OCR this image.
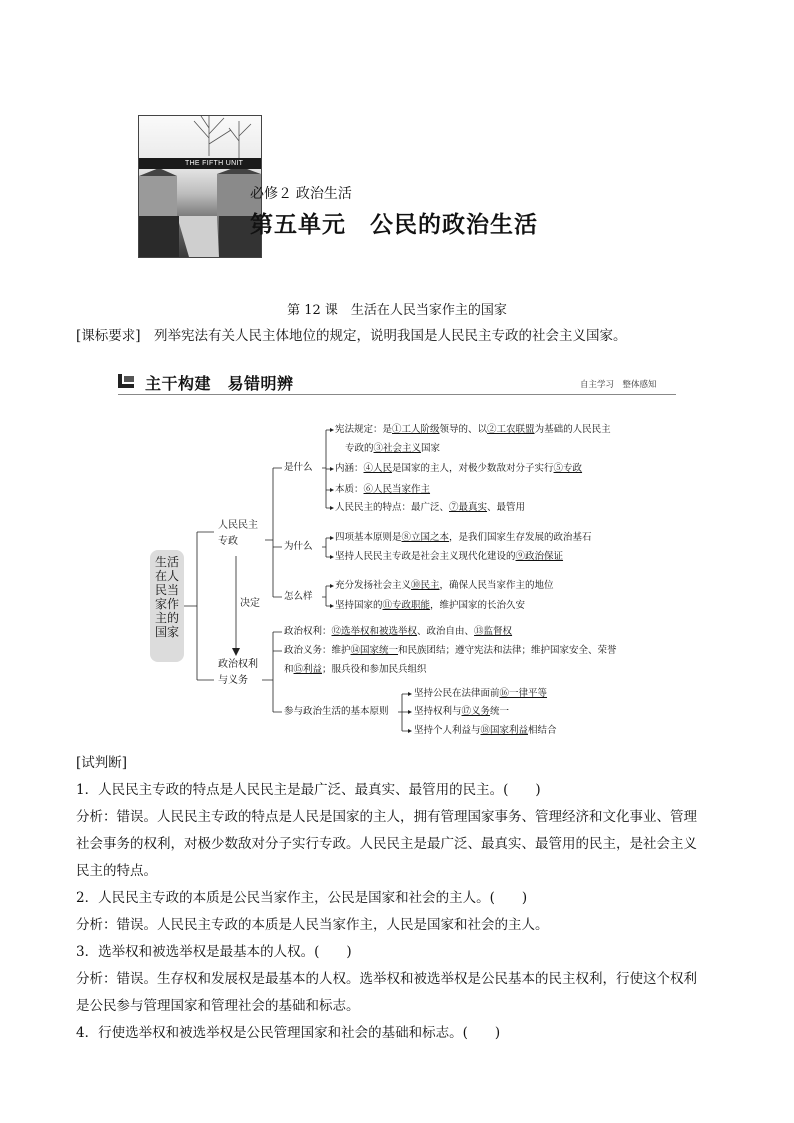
THE FIFTH UNIT
必修２ 政治生活
第五单元　公民的政治生活
第 12 课　生活在人民当家作主的国家
[课标要求]　 列举宪法有关人民主体地位的规定，说明我国是人民民主专政的社会主义国家。
主干构建　易错明辨	自主学习　整体感知
生活在人民当家作主的国家
人民民主专政
决定
政治权利与义务
是什么
为什么
怎么样
宪法规定：是①工人阶级领导的、以②工农联盟为基础的人民民主
专政的③社会主义国家
内涵：④人民是国家的主人，对极少数敌对分子实行⑤专政
本质：⑥人民当家作主
人民民主的特点：最广泛、⑦最真实、最管用
四项基本原则是⑧立国之本，是我们国家生存发展的政治基石
坚持人民民主专政是社会主义现代化建设的⑨政治保证
充分发扬社会主义⑩民主，确保人民当家作主的地位
坚持国家的⑪专政职能，维护国家的长治久安
政治权利：⑫选举权和被选举权、政治自由、⑬监督权
政治义务：维护⑭国家统一和民族团结；遵守宪法和法律；维护国家安全、荣誉
和⑮利益；服兵役和参加民兵组织
参与政治生活的基本原则
坚持公民在法律面前⑯一律平等
坚持权利与⑰义务统一
坚持个人利益与⑱国家利益相结合
[试判断]
1．人民民主专政的特点是人民民主是最广泛、最真实、最管用的民主。(　　)
分析：错误。人民民主专政的特点是人民是国家的主人，拥有管理国家事务、管理经济和文化事业、管理
社会事务的权利，对极少数敌对分子实行专政。人民民主是最广泛、最真实、最管用的民主，是社会主义
民主的特点。
2．人民民主专政的本质是公民当家作主，公民是国家和社会的主人。(　　)
分析：错误。人民民主专政的本质是人民当家作主，人民是国家和社会的主人。
3．选举权和被选举权是最基本的人权。(　　)
分析：错误。生存权和发展权是最基本的人权。选举权和被选举权是公民基本的民主权利，行使这个权利
是公民参与管理国家和管理社会的基础和标志。
4．行使选举权和被选举权是公民管理国家和社会的基础和标志。(　　)
